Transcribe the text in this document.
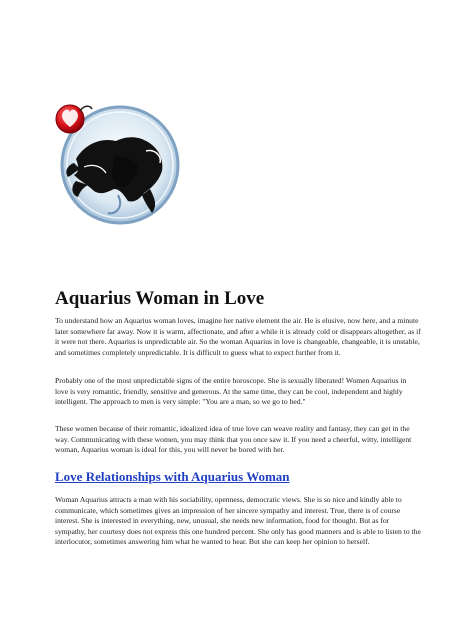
Aquarius Woman in Love

To understand how an Aquarius woman loves, imagine her native element the air. He is elusive, now here, and a minute later somewhere far away. Now it is warm, affectionate, and after a while it is already cold or disappears altogether, as if it were not there. Aquarius is unpredictable air. So the woman Aquarius in love is changeable, changeable, it is unstable, and sometimes completely unpredictable. It is difficult to guess what to expect further from it.

Probably one of the most unpredictable signs of the entire horoscope. She is sexually liberated! Women Aquarius in love is very romantic, friendly, sensitive and generous. At the same time, they can be cool, independent and highly intelligent. The approach to men is very simple: "You are a man, so we go to bed."

These women because of their romantic, idealized idea of true love can weave reality and fantasy, they can get in the way. Communicating with these women, you may think that you once saw it. If you need a cheerful, witty, intelligent woman, Aquarius woman is ideal for this, you will never be bored with her.

Love Relationships with Aquarius Woman

Woman Aquarius attracts a man with his sociability, openness, democratic views. She is so nice and kindly able to communicate, which sometimes gives an impression of her sincere sympathy and interest. True, there is of course interest. She is interested in everything, new, unusual, she needs new information, food for thought. But as for sympathy, her courtesy does not express this one hundred percent. She only has good manners and is able to listen to the interlocutor, sometimes answering him what he wanted to hear. But she can keep her opinion to herself.
